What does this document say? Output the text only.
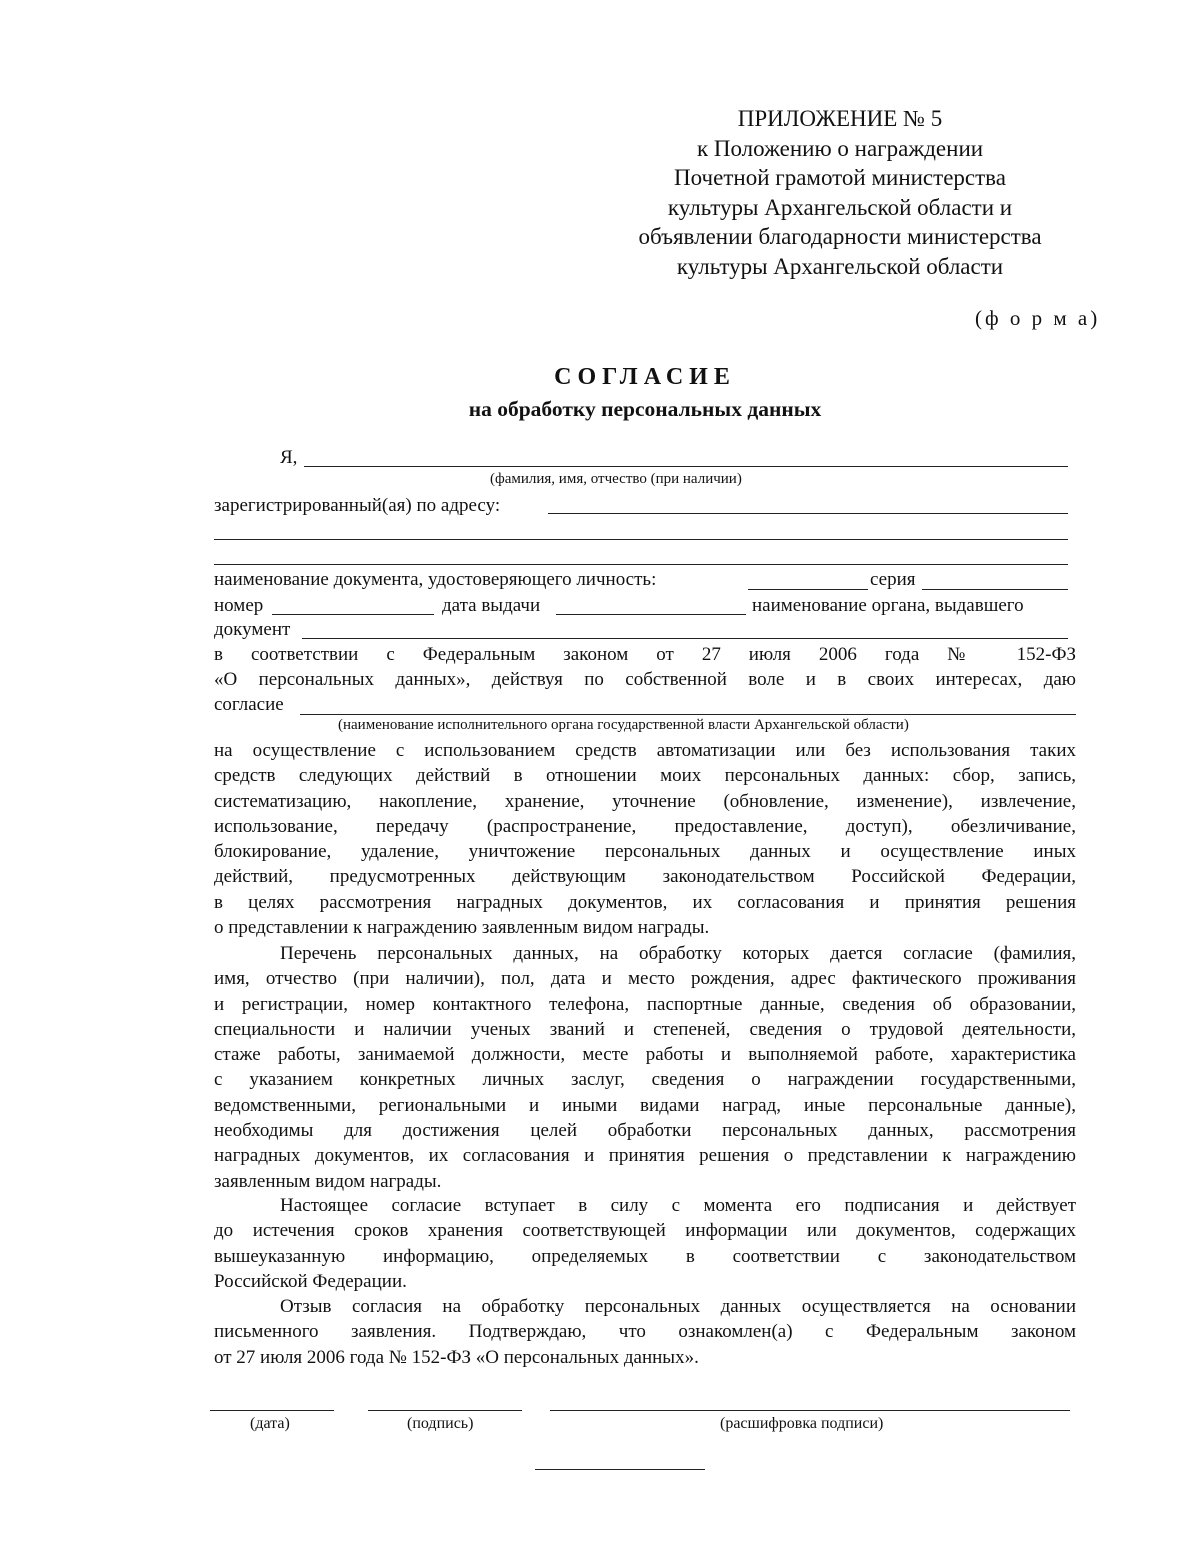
ПРИЛОЖЕНИЕ № 5
к Положению о награждении
Почетной грамотой министерства
культуры Архангельской области и
объявлении благодарности министерства
культуры Архангельской области
(ф о р м а)
СОГЛАСИЕ
на обработку персональных данных
Я,
(фамилия, имя, отчество (при наличии)
зарегистрированный(ая) по адресу:
наименование документа, удостоверяющего личность:	серия
номер	дата выдачи	наименование органа, выдавшего
документ
в соответствии с Федеральным законом от 27 июля 2006 года № 152-ФЗ
«О персональных данных», действуя по собственной воле и в своих интересах, даю
согласие
(наименование исполнительного органа государственной власти Архангельской области)
на осуществление с использованием средств автоматизации или без использования таких
средств следующих действий в отношении моих персональных данных: сбор, запись,
систематизацию, накопление, хранение, уточнение (обновление, изменение), извлечение,
использование, передачу (распространение, предоставление, доступ), обезличивание,
блокирование, удаление, уничтожение персональных данных и осуществление иных
действий, предусмотренных действующим законодательством Российской Федерации,
в целях рассмотрения наградных документов, их согласования и принятия решения
о представлении к награждению заявленным видом награды.
Перечень персональных данных, на обработку которых дается согласие (фамилия,
имя, отчество (при наличии), пол, дата и место рождения, адрес фактического проживания
и регистрации, номер контактного телефона, паспортные данные, сведения об образовании,
специальности и наличии ученых званий и степеней, сведения о трудовой деятельности,
стаже работы, занимаемой должности, месте работы и выполняемой работе, характеристика
с указанием конкретных личных заслуг, сведения о награждении государственными,
ведомственными, региональными и иными видами наград, иные персональные данные),
необходимы для достижения целей обработки персональных данных, рассмотрения
наградных документов, их согласования и принятия решения о представлении к награждению
заявленным видом награды.
Настоящее согласие вступает в силу с момента его подписания и действует
до истечения сроков хранения соответствующей информации или документов, содержащих
вышеуказанную информацию, определяемых в соответствии с законодательством
Российской Федерации.
Отзыв согласия на обработку персональных данных осуществляется на основании
письменного заявления. Подтверждаю, что ознакомлен(а) с Федеральным законом
от 27 июля 2006 года № 152-ФЗ «О персональных данных».
(дата)	(подпись)	(расшифровка подписи)
